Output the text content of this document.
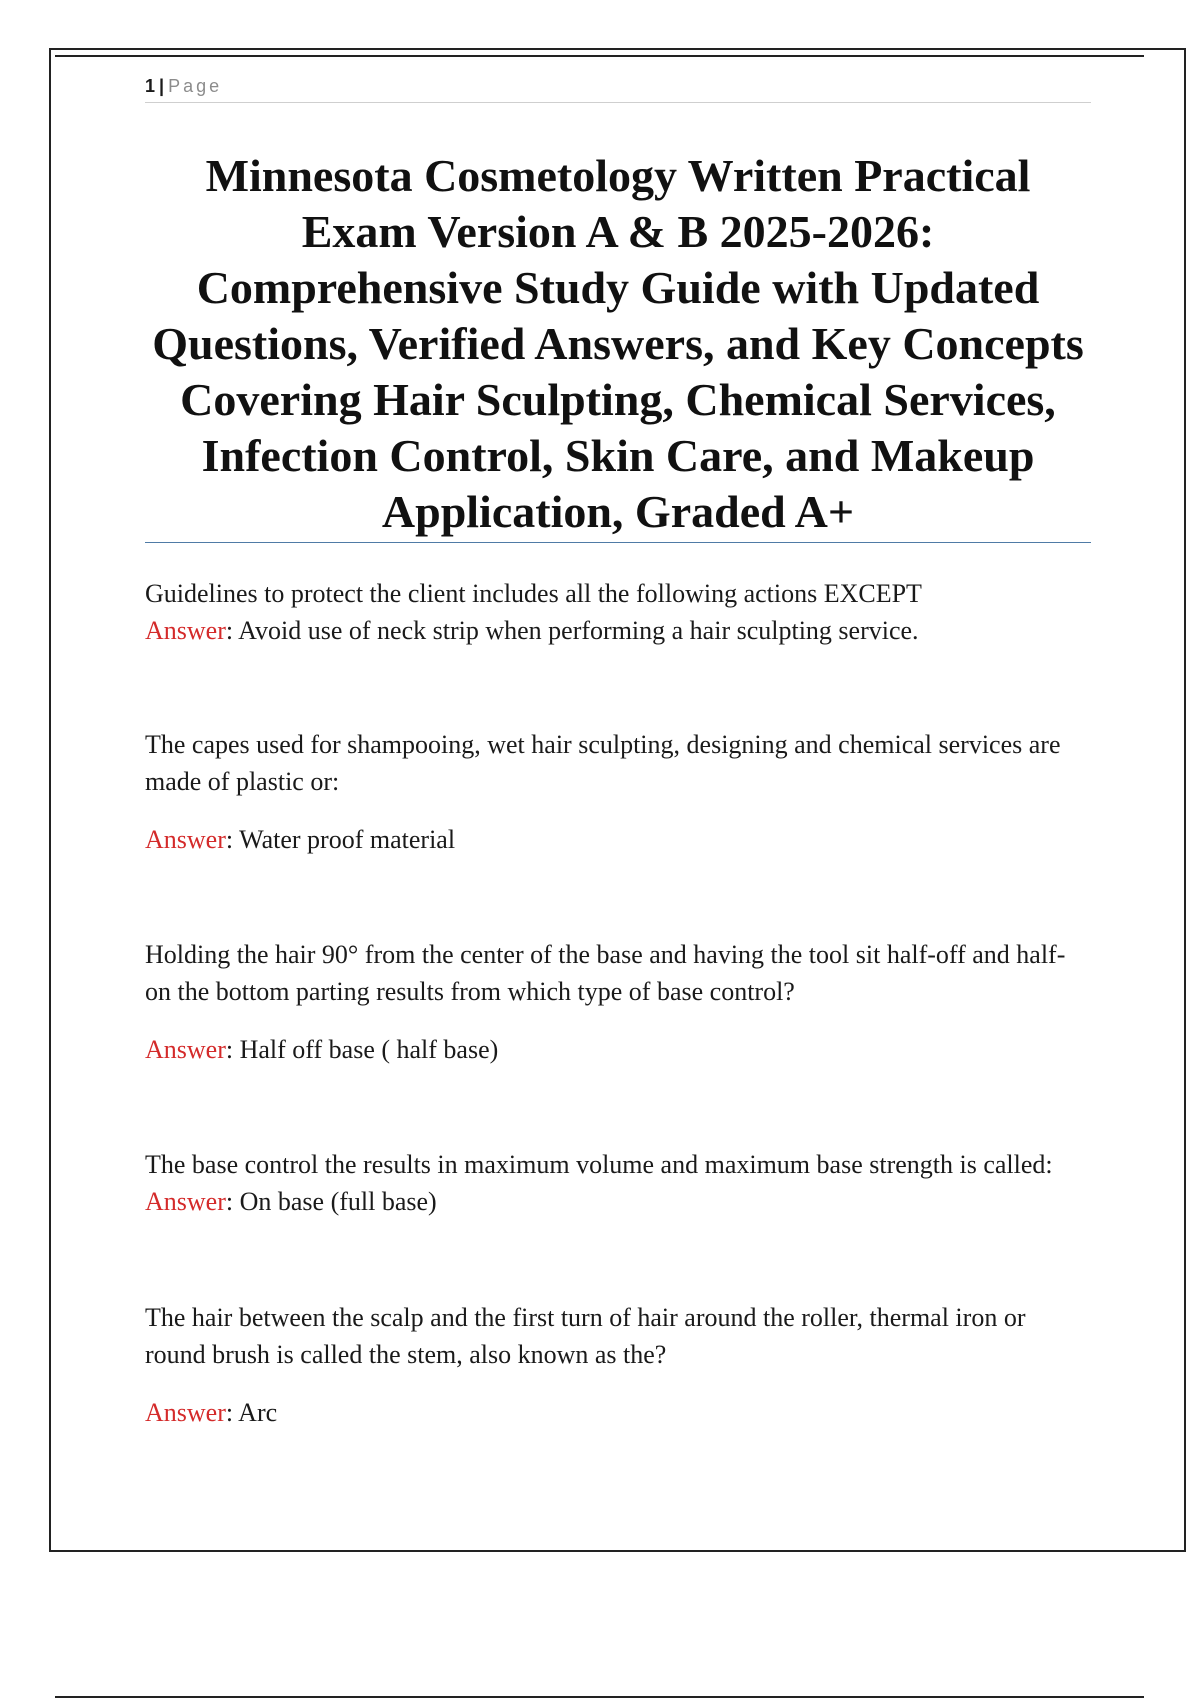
1 | Page
Minnesota Cosmetology Written Practical Exam Version A & B 2025-2026: Comprehensive Study Guide with Updated Questions, Verified Answers, and Key Concepts Covering Hair Sculpting, Chemical Services, Infection Control, Skin Care, and Makeup Application, Graded A+

Guidelines to protect the client includes all the following actions EXCEPT

Answer: Avoid use of neck strip when performing a hair sculpting service.

The capes used for shampooing, wet hair sculpting, designing and chemical services are made of plastic or:

Answer: Water proof material

Holding the hair 90° from the center of the base and having the tool sit half-off and half-on the bottom parting results from which type of base control?

Answer: Half off base ( half base)

The base control the results in maximum volume and maximum base strength is called: Answer: On base (full base)

The hair between the scalp and the first turn of hair around the roller, thermal iron or round brush is called the stem, also known as the?

Answer: Arc
